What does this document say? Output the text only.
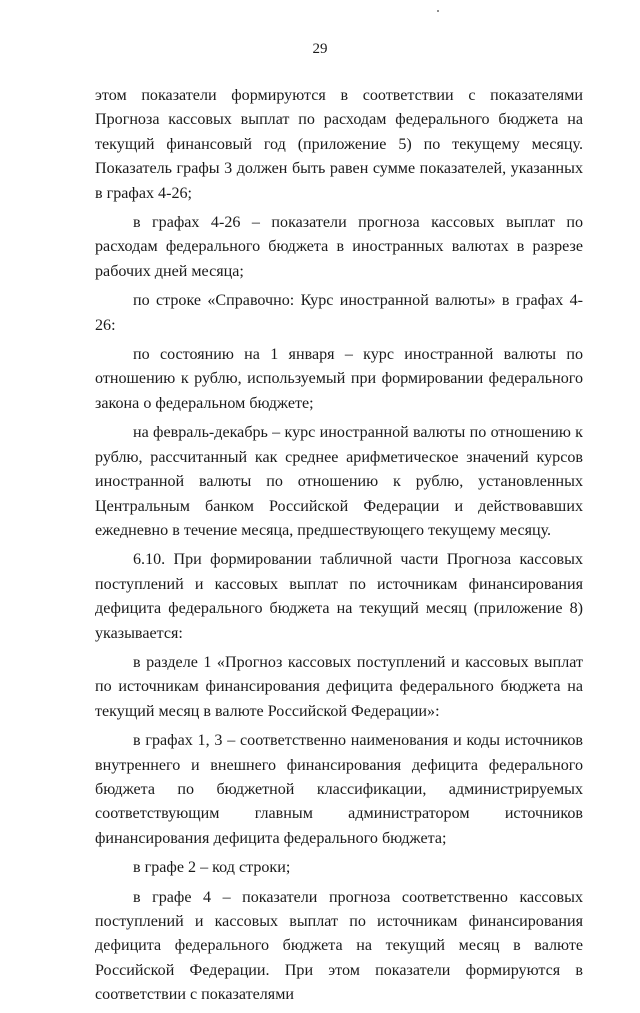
29

этом показатели формируются в соответствии с показателями Прогноза кассовых выплат по расходам федерального бюджета на текущий финансовый год (приложение 5) по текущему месяцу. Показатель графы 3 должен быть равен сумме показателей, указанных в графах 4-26;

в графах 4-26 – показатели прогноза кассовых выплат по расходам федерального бюджета в иностранных валютах в разрезе рабочих дней месяца;

по строке «Справочно: Курс иностранной валюты» в графах 4-26:

по состоянию на 1 января – курс иностранной валюты по отношению к рублю, используемый при формировании федерального закона о федеральном бюджете;

на февраль-декабрь – курс иностранной валюты по отношению к рублю, рассчитанный как среднее арифметическое значений курсов иностранной валюты по отношению к рублю, установленных Центральным банком Российской Федерации и действовавших ежедневно в течение месяца, предшествующего текущему месяцу.

6.10. При формировании табличной части Прогноза кассовых поступлений и кассовых выплат по источникам финансирования дефицита федерального бюджета на текущий месяц (приложение 8) указывается:

в разделе 1 «Прогноз кассовых поступлений и кассовых выплат по источникам финансирования дефицита федерального бюджета на текущий месяц в валюте Российской Федерации»:

в графах 1, 3 – соответственно наименования и коды источников внутреннего и внешнего финансирования дефицита федерального бюджета по бюджетной классификации, администрируемых соответствующим главным администратором источников финансирования дефицита федерального бюджета;

в графе 2 – код строки;

в графе 4 – показатели прогноза соответственно кассовых поступлений и кассовых выплат по источникам финансирования дефицита федерального бюджета на текущий месяц в валюте Российской Федерации. При этом показатели формируются в соответствии с показателями
